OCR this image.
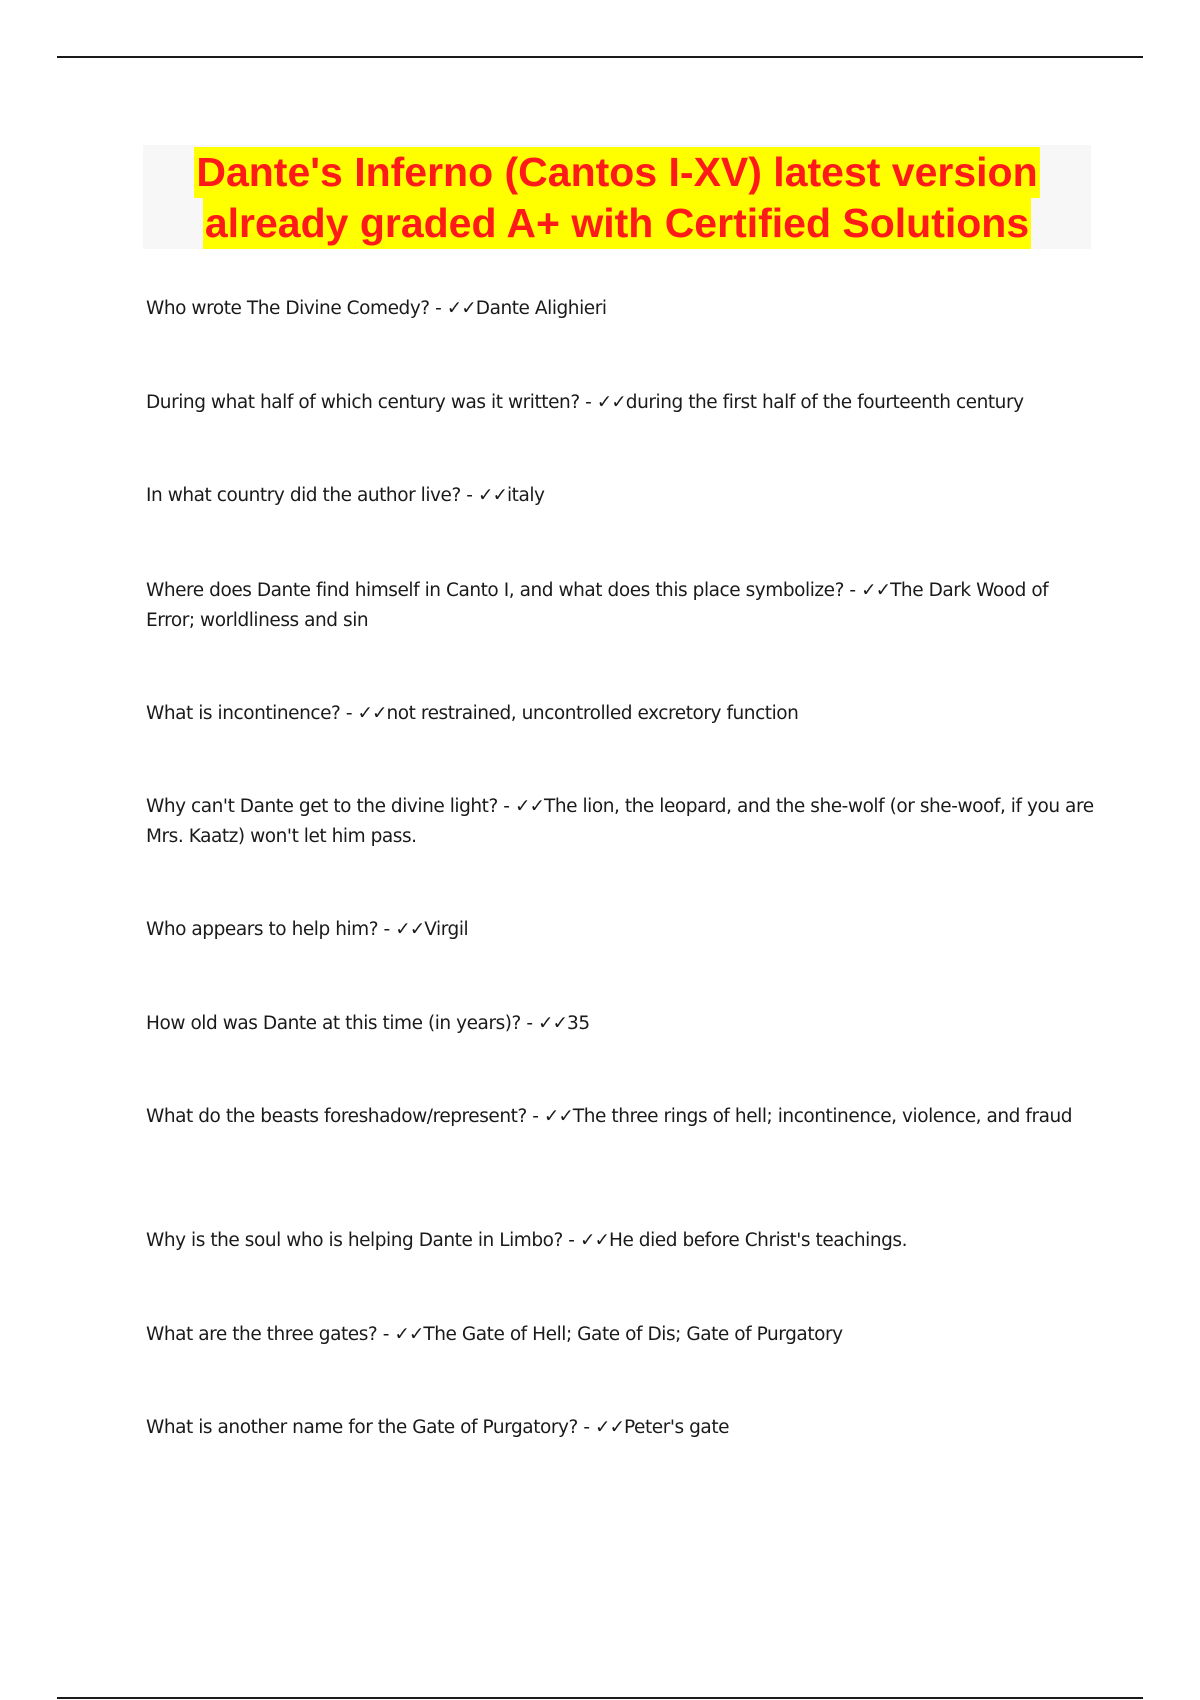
Dante's Inferno (Cantos I-XV) latest version
already graded A+ with Certified Solutions
Who wrote The Divine Comedy? - ✓✓Dante Alighieri
During what half of which century was it written? - ✓✓during the first half of the fourteenth century
In what country did the author live? - ✓✓italy
Where does Dante find himself in Canto I, and what does this place symbolize? - ✓✓The Dark Wood of Error; worldliness and sin
What is incontinence? - ✓✓not restrained, uncontrolled excretory function
Why can't Dante get to the divine light? - ✓✓The lion, the leopard, and the she-wolf (or she-woof, if you are Mrs. Kaatz) won't let him pass.
Who appears to help him? - ✓✓Virgil
How old was Dante at this time (in years)? - ✓✓35
What do the beasts foreshadow/represent? - ✓✓The three rings of hell; incontinence, violence, and fraud
Why is the soul who is helping Dante in Limbo? - ✓✓He died before Christ's teachings.
What are the three gates? - ✓✓The Gate of Hell; Gate of Dis; Gate of Purgatory
What is another name for the Gate of Purgatory? - ✓✓Peter's gate
